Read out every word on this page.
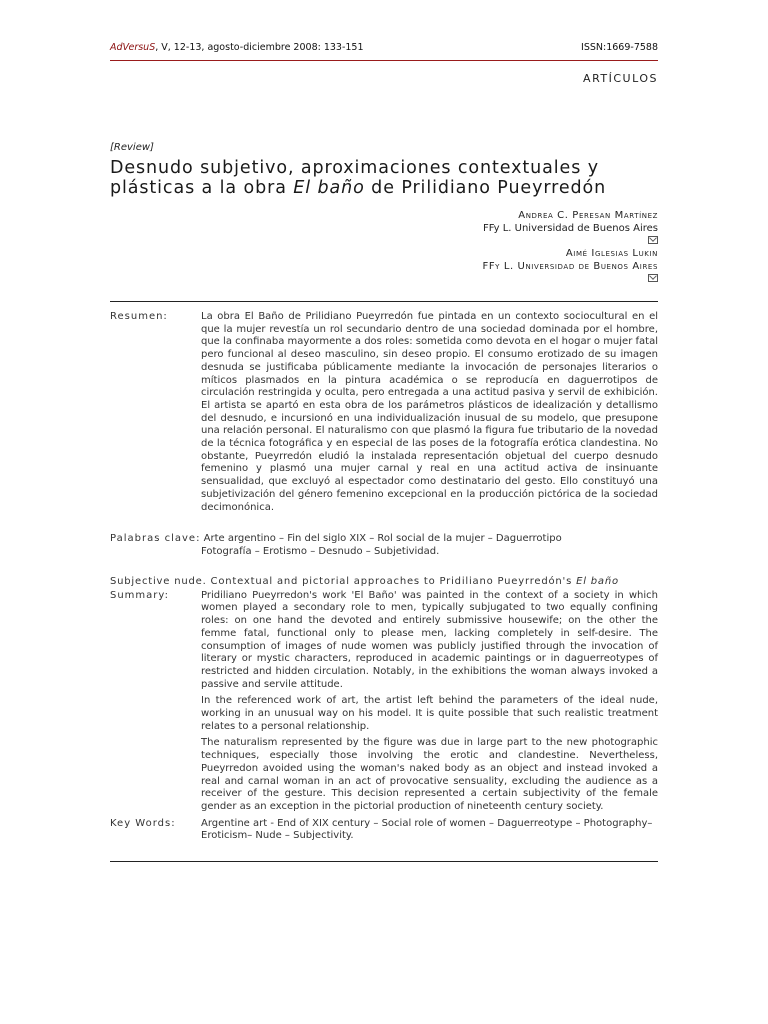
AdVersuS, V, 12-13, agosto-diciembre 2008: 133-151	ISSN:1669-7588
ARTÍCULOS
[Review]
Desnudo subjetivo, aproximaciones contextuales y
plásticas a la obra El baño de Prilidiano Pueyrredón
Andrea C. Peresan Martínez
FFy L. Universidad de Buenos Aires
Aimé Iglesias Lukin
FFy L. Universidad de Buenos Aires
Resumen:	La obra El Baño de Prilidiano Pueyrredón fue pintada en un contexto sociocultural en el que la mujer revestía un rol secundario dentro de una sociedad dominada por el hombre, que la confinaba mayormente a dos roles: sometida como devota en el hogar o mujer fatal pero funcional al deseo masculino, sin deseo propio. El consumo erotizado de su imagen desnuda se justificaba públicamente mediante la invocación de personajes literarios o míticos plasmados en la pintura académica o se reproducía en daguerrotipos de circulación restringida y oculta, pero entregada a una actitud pasiva y servil de exhibición. El artista se apartó en esta obra de los parámetros plásticos de idealización y detallismo del desnudo, e incursionó en una individualización inusual de su modelo, que presupone una relación personal. El naturalismo con que plasmó la figura fue tributario de la novedad de la técnica fotográfica y en especial de las poses de la fotografía erótica clandestina. No obstante, Pueyrredón eludió la instalada representación objetual del cuerpo desnudo femenino y plasmó una mujer carnal y real en una actitud activa de insinuante sensualidad, que excluyó al espectador como destinatario del gesto. Ello constituyó una subjetivización del género femenino excepcional en la producción pictórica de la sociedad decimonónica.
Palabras clave: Arte argentino – Fin del siglo XIX – Rol social de la mujer – Daguerrotipo
Fotografía – Erotismo – Desnudo – Subjetividad.
Subjective nude. Contextual and pictorial approaches to Pridiliano Pueyrredón's El baño
Summary:	Pridiliano Pueyrredon's work 'El Baño' was painted in the context of a society in which women played a secondary role to men, typically subjugated to two equally confining roles: on one hand the devoted and entirely submissive housewife; on the other the femme fatal, functional only to please men, lacking completely in self-desire. The consumption of images of nude women was publicly justified through the invocation of literary or mystic characters, reproduced in academic paintings or in daguerreotypes of restricted and hidden circulation. Notably, in the exhibitions the woman always invoked a passive and servile attitude.

In the referenced work of art, the artist left behind the parameters of the ideal nude, working in an unusual way on his model. It is quite possible that such realistic treatment relates to a personal relationship.

The naturalism represented by the figure was due in large part to the new photographic techniques, especially those involving the erotic and clandestine. Nevertheless, Pueyrredon avoided using the woman's naked body as an object and instead invoked a real and carnal woman in an act of provocative sensuality, excluding the audience as a receiver of the gesture. This decision represented a certain subjectivity of the female gender as an exception in the pictorial production of nineteenth century society.

Key Words:	Argentine art - End of XIX century – Social role of women – Daguerreotype – Photography– Eroticism– Nude – Subjectivity.
